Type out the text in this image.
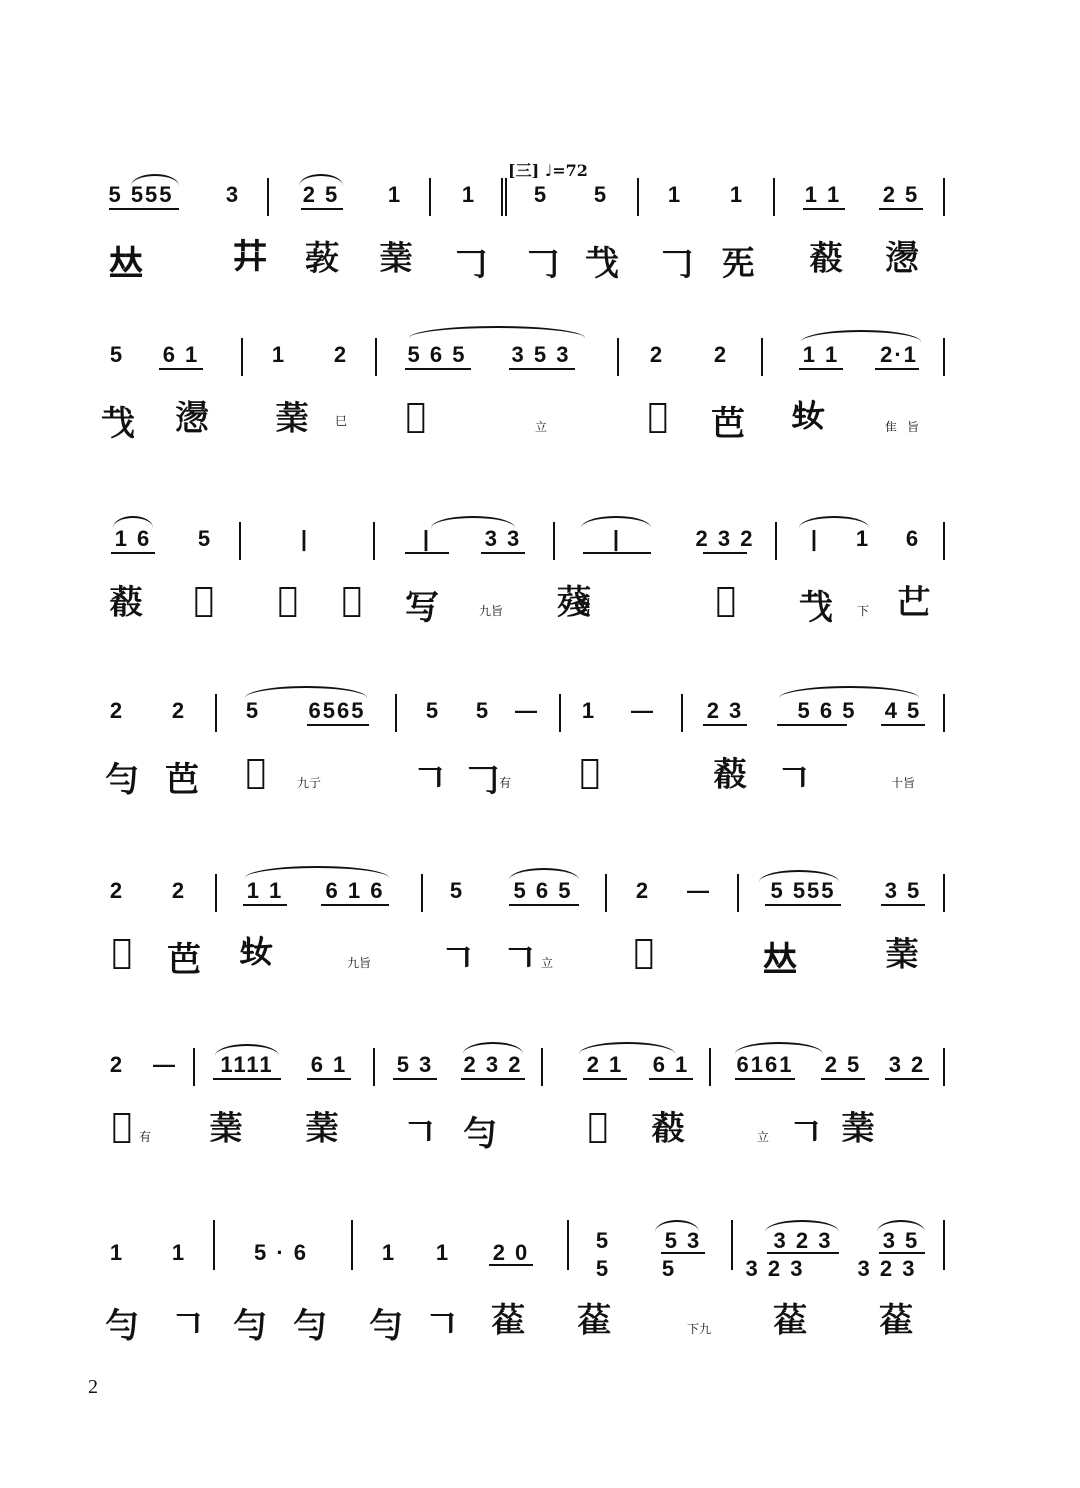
[三] ♩=72
5 555 3	2 5 1	1	5 5	1 1	1 1 2 5
𠀤	𦬠 𦸦 𦸯 𠃌 𠃌 𢦏 𠃌 𠀡 𦺔 𢡂
5 6 1	1 2	5 6 5 3 5 3	2 2	1 1 2·1
𢦏 𢡂 𦸯 巳 𢈀	立	𠃢 芭 𤯕	隹 旨
1 6 5	|	| 3 3	|	2 3 2	| 1 6
𦺔 𠃢 𠃢 𦹫 写	九旨 𦺐	𦹋 𢦏 下 𠃟
2 2	5 6565	5 5 — 1 — 2 3 5 6 5 4 5
勻 芭 𦹫	九亍	𠃍 𠃌 有 𠃢	𦺔 𠃍	十旨
2 2	1 1 6 1 6	5 5 6 5	2 —	5 555 3 5
𠃢 芭 𤯕	九旨 𠃍 𠃍 立 𠃢	𠀤	𦸯
2 — 1111 6 1 5 3 2 3 2	2 1 6 1 6161 2 5 3 2
𠃢 有 𦸯 𦸯 𠃍 勻	𠃢 𦺔	立 𠃍 𦸯
1 1	5 · 6	1 1 2 0	5 5 3	3 2 3 3 5
5 5	3 2 3 3 2 3
勻 𠃍 勻 勻 勻 𠃍 𦻃 𦻃	下九 𦻃 𦻃
2
